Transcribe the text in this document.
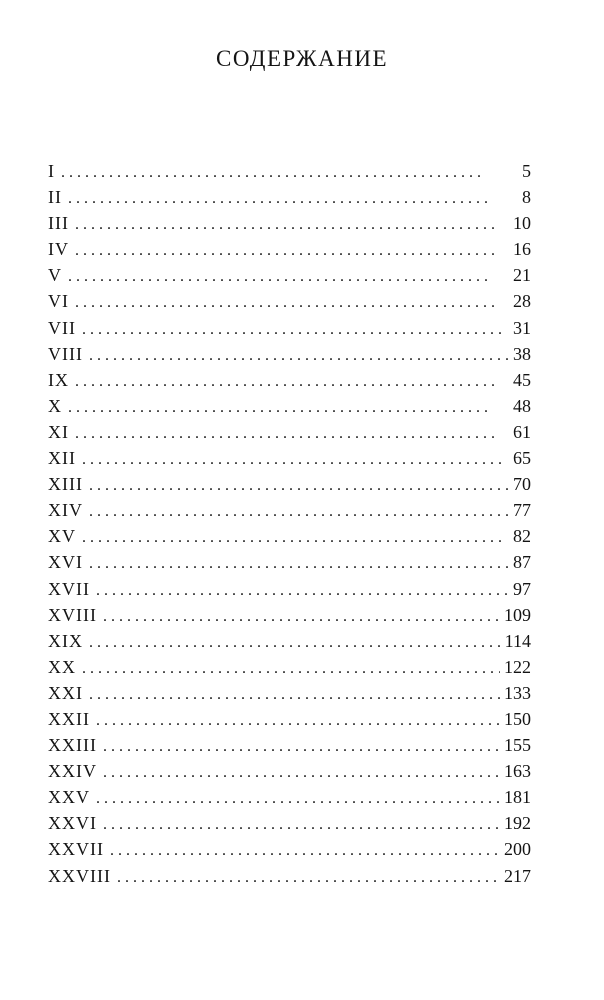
СОДЕРЖАНИЕ
I . . .	5
II . . .	8
III . . .	10
IV . . .	16
V . . .	21
VI . . .	28
VII . . .	31
VIII . . .	38
IX . . .	45
X . . .	48
XI . . .	61
XII . . .	65
XIII . . .	70
XIV . . .	77
XV . . .	82
XVI . . .	87
XVII . . .	97
XVIII . . .	109
XIX . . .	114
XX . . .	122
XXI . . .	133
XXII . . .	150
XXIII . . .	155
XXIV . . .	163
XXV . . .	181
XXVI . . .	192
XXVII . . .	200
XXVIII . . .	217
